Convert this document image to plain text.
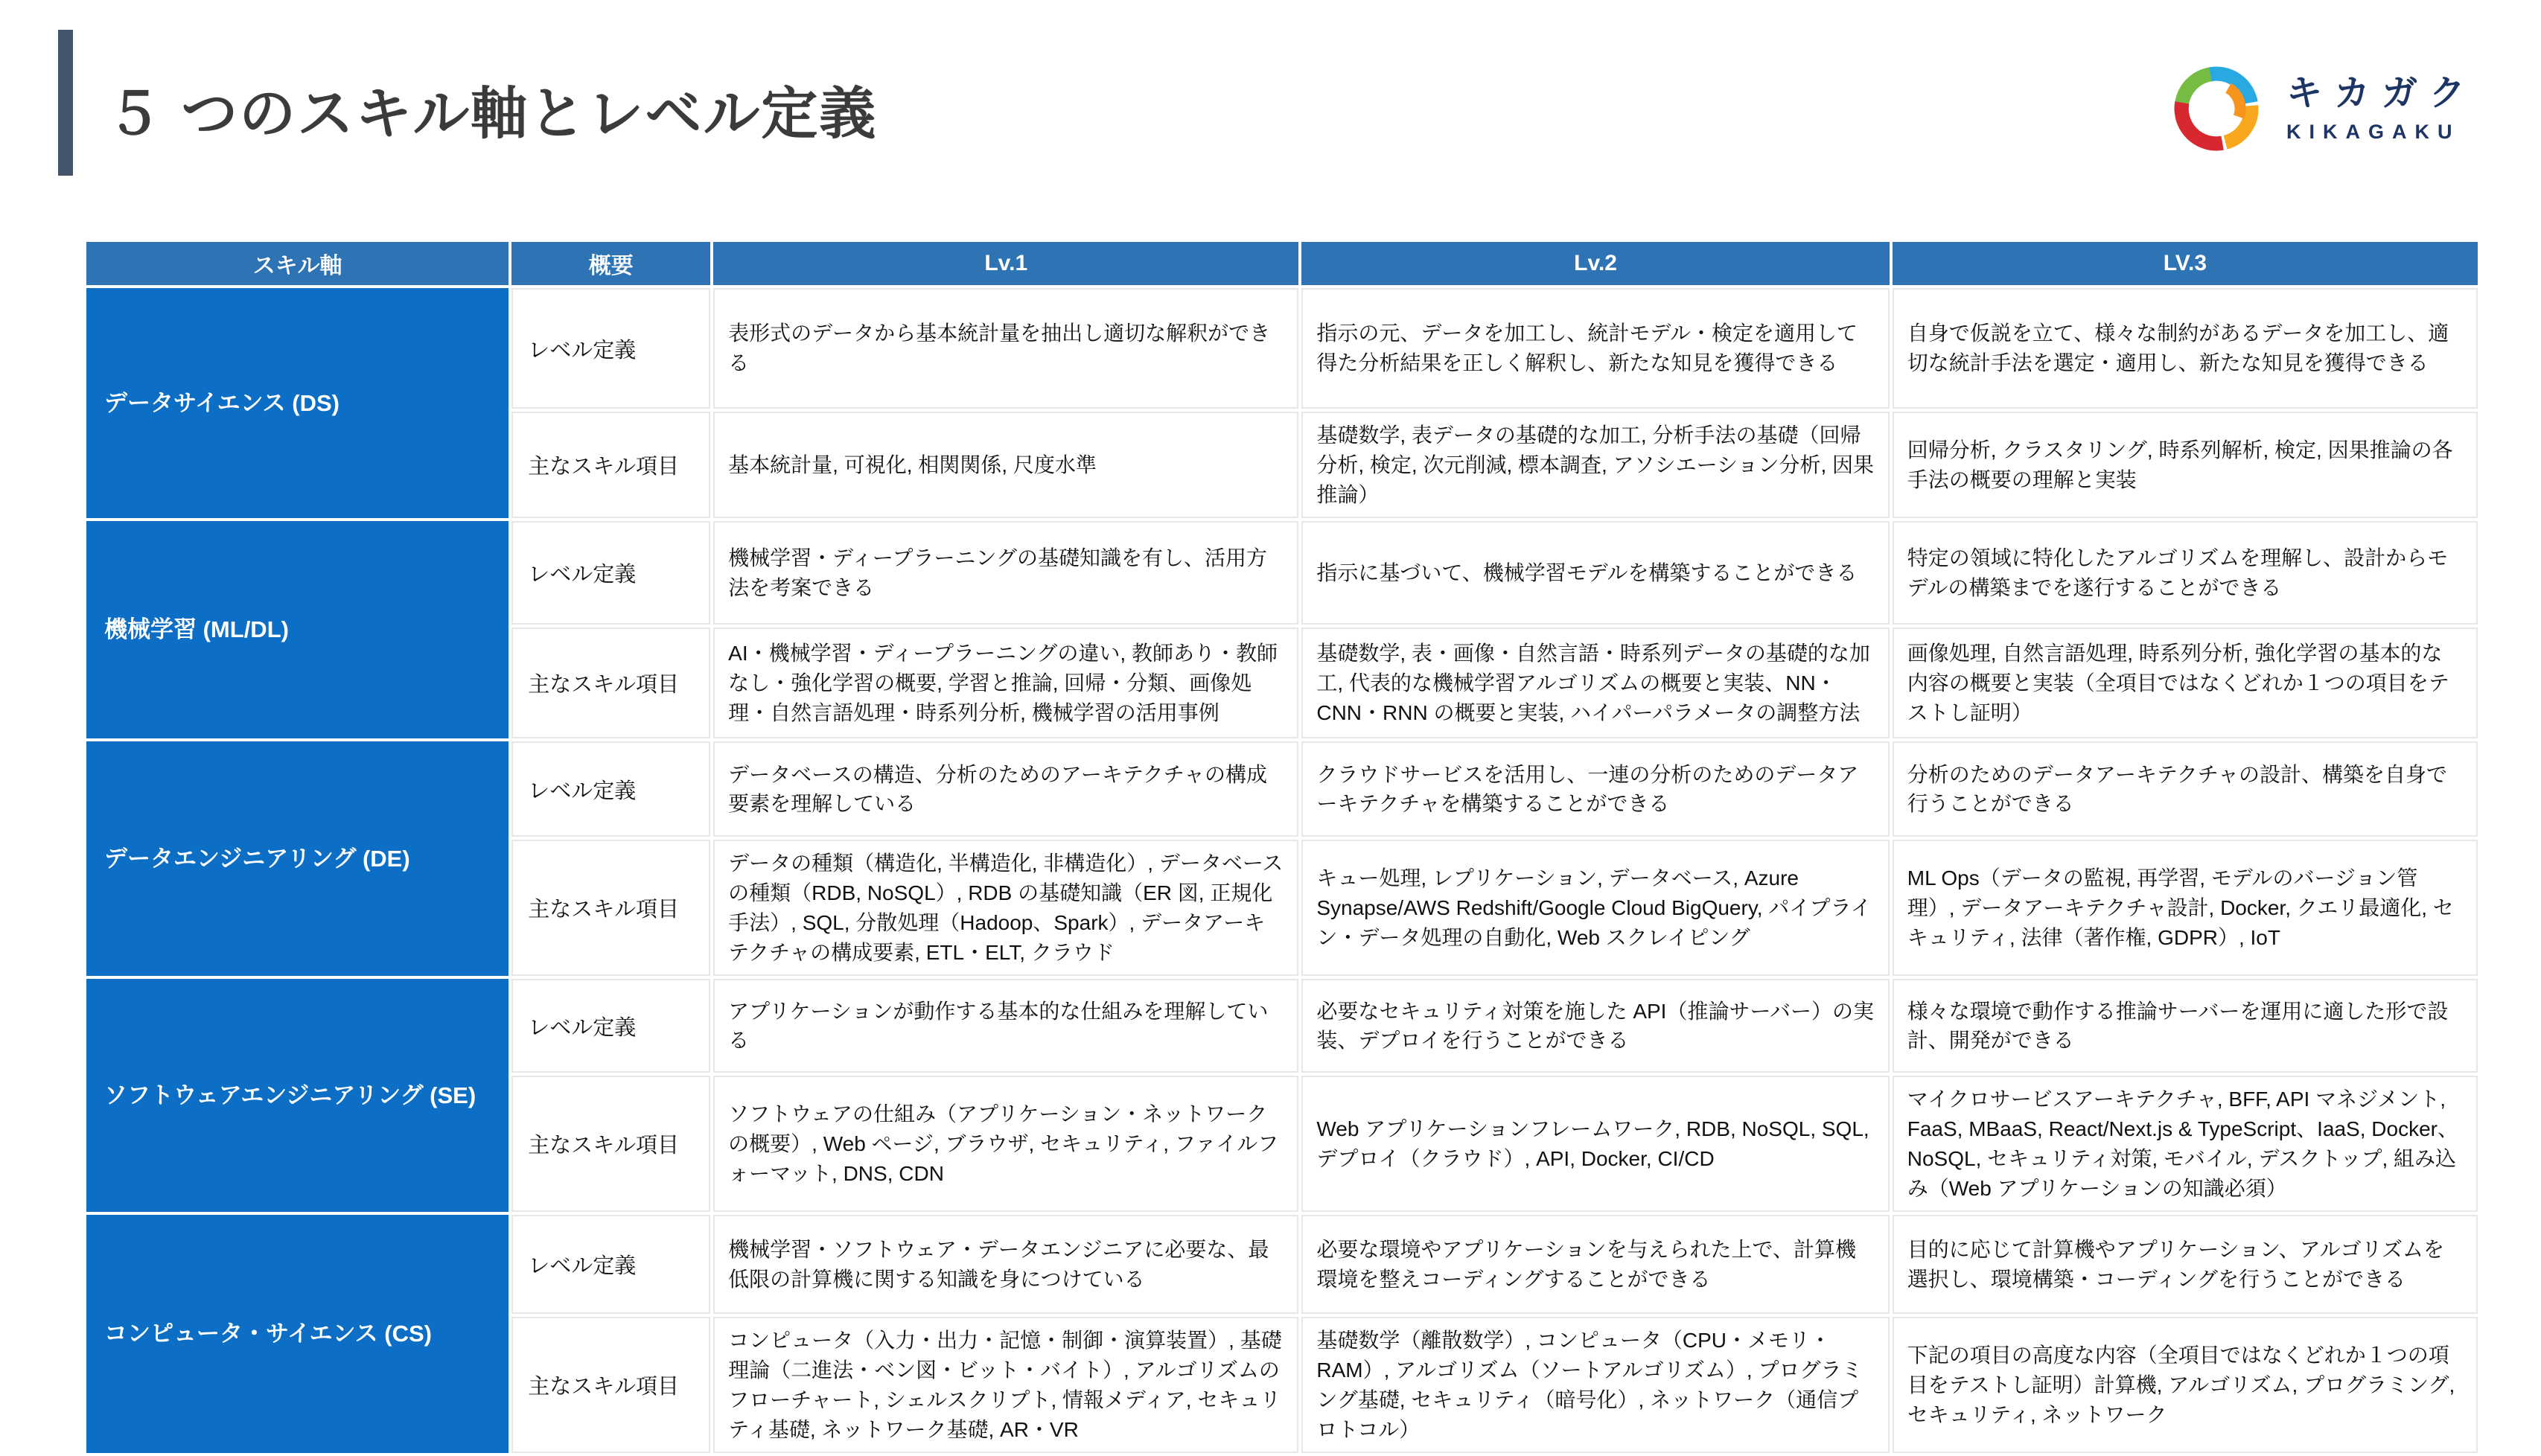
５ つのスキル軸とレベル定義	キカガク
KIKAGAKU
スキル軸	概要	Lv.1	Lv.2	LV.3
データサイエンス (DS)	レベル定義	表形式のデータから基本統計量を抽出し適切な解釈ができる	指示の元、データを加工し、統計モデル・検定を適用して得た分析結果を正しく解釈し、新たな知見を獲得できる	自身で仮説を立て、様々な制約があるデータを加工し、適切な統計手法を選定・適用し、新たな知見を獲得できる
	主なスキル項目	基本統計量, 可視化, 相関関係, 尺度水準	基礎数学, 表データの基礎的な加工, 分析手法の基礎（回帰分析, 検定, 次元削減, 標本調査, アソシエーション分析, 因果推論）	回帰分析, クラスタリング, 時系列解析, 検定, 因果推論の各手法の概要の理解と実装
機械学習 (ML/DL)	レベル定義	機械学習・ディープラーニングの基礎知識を有し、活用方法を考案できる	指示に基づいて、機械学習モデルを構築することができる	特定の領域に特化したアルゴリズムを理解し、設計からモデルの構築までを遂行することができる
	主なスキル項目	AI・機械学習・ディープラーニングの違い, 教師あり・教師なし・強化学習の概要, 学習と推論, 回帰・分類、画像処理・自然言語処理・時系列分析, 機械学習の活用事例	基礎数学, 表・画像・自然言語・時系列データの基礎的な加工, 代表的な機械学習アルゴリズムの概要と実装、NN・CNN・RNN の概要と実装, ハイパーパラメータの調整方法	画像処理, 自然言語処理, 時系列分析, 強化学習の基本的な内容の概要と実装（全項目ではなくどれか１つの項目をテストし証明）
データエンジニアリング (DE)	レベル定義	データベースの構造、分析のためのアーキテクチャの構成要素を理解している	クラウドサービスを活用し、一連の分析のためのデータアーキテクチャを構築することができる	分析のためのデータアーキテクチャの設計、構築を自身で行うことができる
	主なスキル項目	データの種類（構造化, 半構造化, 非構造化）, データベースの種類（RDB, NoSQL）, RDB の基礎知識（ER 図, 正規化手法）, SQL, 分散処理（Hadoop、Spark）, データアーキテクチャの構成要素, ETL・ELT, クラウド	キュー処理, レプリケーション, データベース, Azure Synapse/AWS Redshift/Google Cloud BigQuery, パイプライン・データ処理の自動化, Web スクレイピング	ML Ops（データの監視, 再学習, モデルのバージョン管理）, データアーキテクチャ設計, Docker, クエリ最適化, セキュリティ, 法律（著作権, GDPR）, IoT
ソフトウェアエンジニアリング (SE)	レベル定義	アプリケーションが動作する基本的な仕組みを理解している	必要なセキュリティ対策を施した API（推論サーバー）の実装、デプロイを行うことができる	様々な環境で動作する推論サーバーを運用に適した形で設計、開発ができる
	主なスキル項目	ソフトウェアの仕組み（アプリケーション・ネットワークの概要）, Web ページ, ブラウザ, セキュリティ, ファイルフォーマット, DNS, CDN	Web アプリケーションフレームワーク, RDB, NoSQL, SQL, デプロイ（クラウド）, API, Docker, CI/CD	マイクロサービスアーキテクチャ, BFF, API マネジメント, FaaS, MBaaS, React/Next.js & TypeScript、IaaS, Docker、NoSQL, セキュリティ対策, モバイル, デスクトップ, 組み込み（Web アプリケーションの知識必須）
コンピュータ・サイエンス (CS)	レベル定義	機械学習・ソフトウェア・データエンジニアに必要な、最低限の計算機に関する知識を身につけている	必要な環境やアプリケーションを与えられた上で、計算機環境を整えコーディングすることができる	目的に応じて計算機やアプリケーション、アルゴリズムを選択し、環境構築・コーディングを行うことができる
	主なスキル項目	コンピュータ（入力・出力・記憶・制御・演算装置）, 基礎理論（二進法・ベン図・ビット・バイト）, アルゴリズムのフローチャート, シェルスクリプト, 情報メディア, セキュリティ基礎, ネットワーク基礎, AR・VR	基礎数学（離散数学）, コンピュータ（CPU・メモリ・RAM）, アルゴリズム（ソートアルゴリズム）, プログラミング基礎, セキュリティ（暗号化）, ネットワーク（通信プロトコル）	下記の項目の高度な内容（全項目ではなくどれか１つの項目をテストし証明）計算機, アルゴリズム, プログラミング, セキュリティ, ネットワーク
